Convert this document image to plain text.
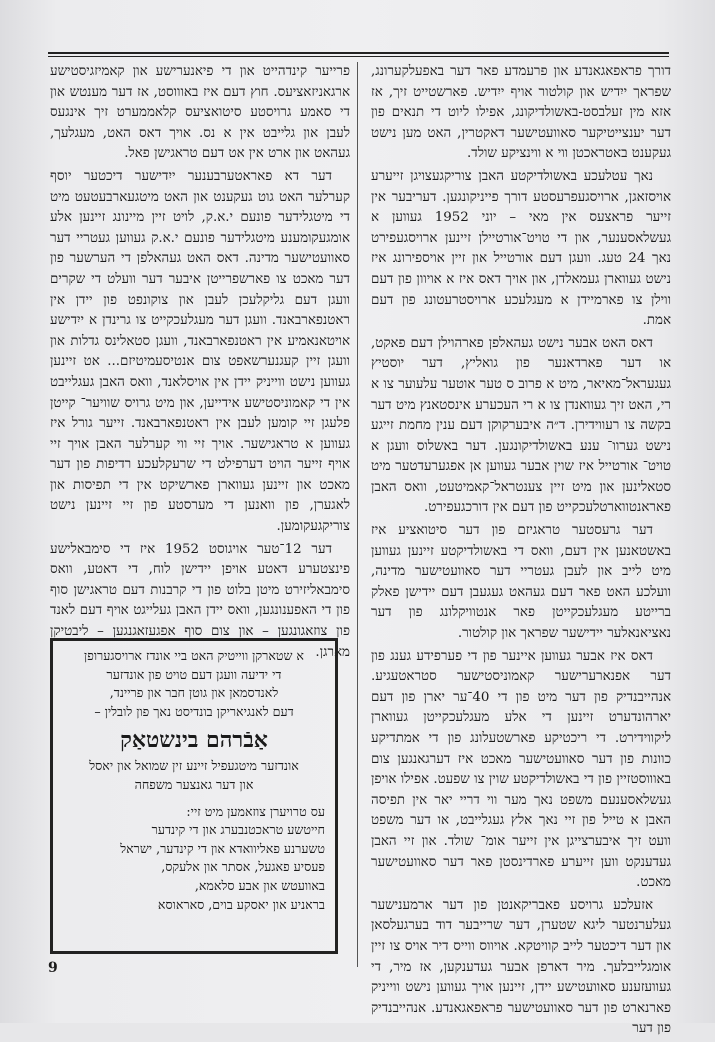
דורך פראפאגאנדע און פרעמדע פאר דער באפעלקערונג, שפראך ייִדיש און קולטור אויף ייִדיש. פארשטייט זיך, אז אזא מין זעלבסט-באשולדיקונג, אפילו ליוט די תנאים פון דער יענצייטיקער סאוועטישער דאקטרין, האט מען נישט געקענט באטראכטן ווי א ווינציקע שולד.

נאך עטלעכע באשולדיקטע האבן צוריקגעצויגן זייערע אויסזאגן, ארויסגעפרעסטע דורך פייניקונגען. דעריבער אין זייער פראצעס אין מאי – יוני 1952 געווען א געשלאסענער, און די טויט־אורטיילן זיינען ארויסגעפירט נאך 24 טעג. וועגן דעם אורטייל און זיין אויספירונג איז נישט געווארן געמאלדן, און אויך דאס איז א אויוון פון דעם ווילן צו פארמיידן א מעגלעכע ארויסטרעטונג פון דעם אמת.

דאס האט אבער נישט געהאלפן פארהוילן דעם פאקט, או דער פארדאנער פון גואליץ, דער יוסטיץ געגעראל־מאיאר, מיט א פרוב ס טער אוטער עלעוער צו א רי, האט זיך געוואנדן צו א רי העכערע אינסטאנץ מיט דער בקשה צו רעווידירן. ד״ה איבערקוקן דעם ענין מחמת זייגע נישט גערוו־ ענע באשולדיקונגען. דער באשלוס וועגן א טויט־ אורטייל איז שוין אבער געווען אן אפגערעדטער מיט סטאלינען און מיט זיין צענטראל־קאמיטעט, וואס האבן פאראנטווארטלעכקייט פון דעם אין דורכגעפירט.

דער גרעסטער טראגיזם פון דער סיטואציע איז באשטאנען אין דעם, וואס די באשולדיקטע זיינען געווען מיט לייב און לעבן געטריי דער סאוועטישער מדינה, וועלכע האט פאר דעם געהאט געגעבן דעם יידישן פאלק ברייטע מעגלעכקייטן פאר אנטוויקלונג פון דער נאציאנאלער יידישער שפראך און קולטור.

דאס איז אבער געווען איינער פון די פערפידע גענג פון דער אפנארערישער קאמוניסטישער סטראטעגיע. אנהייבנדיק פון דער מיט פון די 40־ער יארן פון דעם יארהונדערט זיינען די אלע מעגלעכקייטן געווארן ליקווידירט. די ריכטיקע פארשטעלונג פון די אמתדיקע כוונות פון דער סאוועטישער מאכט איז דערגאנגען צום באוווסטזיין פון די באשולדיקטע שוין צו שפעט. אפילו אויפן געשלאסענעם משפט נאך מער ווי דריי יאר אין תפיסה האבן א טייל פון זיי נאך אלץ געגלייבט, או דער משפט וועט זיך איבערצייגן אין זייער אומ־ שולד. און זיי האבן געדענקט ווען זייערע פארדינסטן פאר דער סאוועטישער מאכט.

אזעלכע גרויסע פאבריקאנטן פון דער ארמענישער געלערנטער ליגא שטערן, דער שרייבער דוד בערגעלסאן און דער דיכטער לייב קוויטקא. אויווס ווייס דיר אויס צו זיין אומגלייבלעך. מיר דארפן אבער געדענקען, אז מיר, די געוועזענע סאוועטישע יידן, זיינען אויך געווען נישט ווייניק פארנארט פון דער סאוועטישער פראפאגאנדע. אנהייבנדיק פון דער

פרייער קינדהייט און די פיאנערישע און קאמיזגיסטישע ארגאניזאציעס. חוץ דעם איז באוווסט, אז דער מענטש און די סאמע גרויסטע סיטואציעס קלאממערט זיך אינגעס לעבן און גלייבט אין א נס. אויך דאס האט, מעגלעך, געהאט און ארט אין אט דעם טראגישן פאל.

דער דא פאראטערבענער ייִדישער דיכטער יוסף קערלער האט גוט געקענט און האט מיטגעארבעטעט מיט די מיטגלידער פונעם י.א.ק, לויט זיין מיינונג זיינען אלע אומגעקומענע מיטגלידער פונעם י.א.ק געווען געטריי דער סאוועטישער מדינה. דאס האט געהאלפן די הערשער פון דער מאכט צו פארשפרייטן איבער דער וועלט די שקרים וועגן דעם גליקלעכן לעבן און צוקונפט פון יידן אין ראטנפארבאנד. וועגן דער מעגלעכקייט צו גרינדן א ייִדישע אויטאנאמיע אין ראטנפארבאנד, וועגן סטאלינס גדלות און וועגן זיין קעגנערשאפט צום אנטיסעמיטיזם... אט זיינען געווען נישט ווייניק יידן אין אויסלאנד, וואס האבן געגלייבט אין די קאמוניסטישע אידייען, און מיט גרויס שוויער־ קייטן פלעגן זיי קומען לעבן אין ראטנפארבאנד. זייער גורל איז געווען א טראגישער. אויך זיי ווי קערלער האבן אויך זיי אויף זייער הויט דערפילט די שרעקלעכע רדיפות פון דער מאכט און זיינען געווארן פארשיקט אין די תפיסות און לאגערן, פון וואנען די מערסטע פון זיי זיינען נישט צוריקגעקומען.

דער 12־טער אויגוסט 1952 איז די סימבאלישע פינצטערע דאטע אויפן יידישן לוח, די דאטע, וואס סימבאליזירט מיטן בלוט פון די קרבנות דעם טראגישן סוף פון די האפענונגען, וואס יידן האבן געלייגט אויף דעם לאנד פון צוזאגונגען – און צום סוף אפגעזאגנגען – ליבטיקן מארגן.

א שטארקן ווייטיק האט ביי אונדז ארויסגערופן
די ידיעה וועגן דעם טויט פון אונדזער
לאנדסמאן און גוטן חבר און פריינד,
דעם לאנגיאריקן בונדיסט נאך פון לובלין –
אַבֿרהם בינשטאַק
אונדזער מיטגעפיל זיינע זין שמואל און יאסל
און דער גאנצער משפחה
עס טרויערן צוזאמען מיט זיי:
חייטשע טראכטנבערג און די קינדער
טשערנע פאליוואדא און די קינדער, ישראל
פעסיע פאגעל, אסתר און אלעקס,
באוועטש און אבע סלאמא,
בראניע און יאסקע בוים, סאראוסא
9
